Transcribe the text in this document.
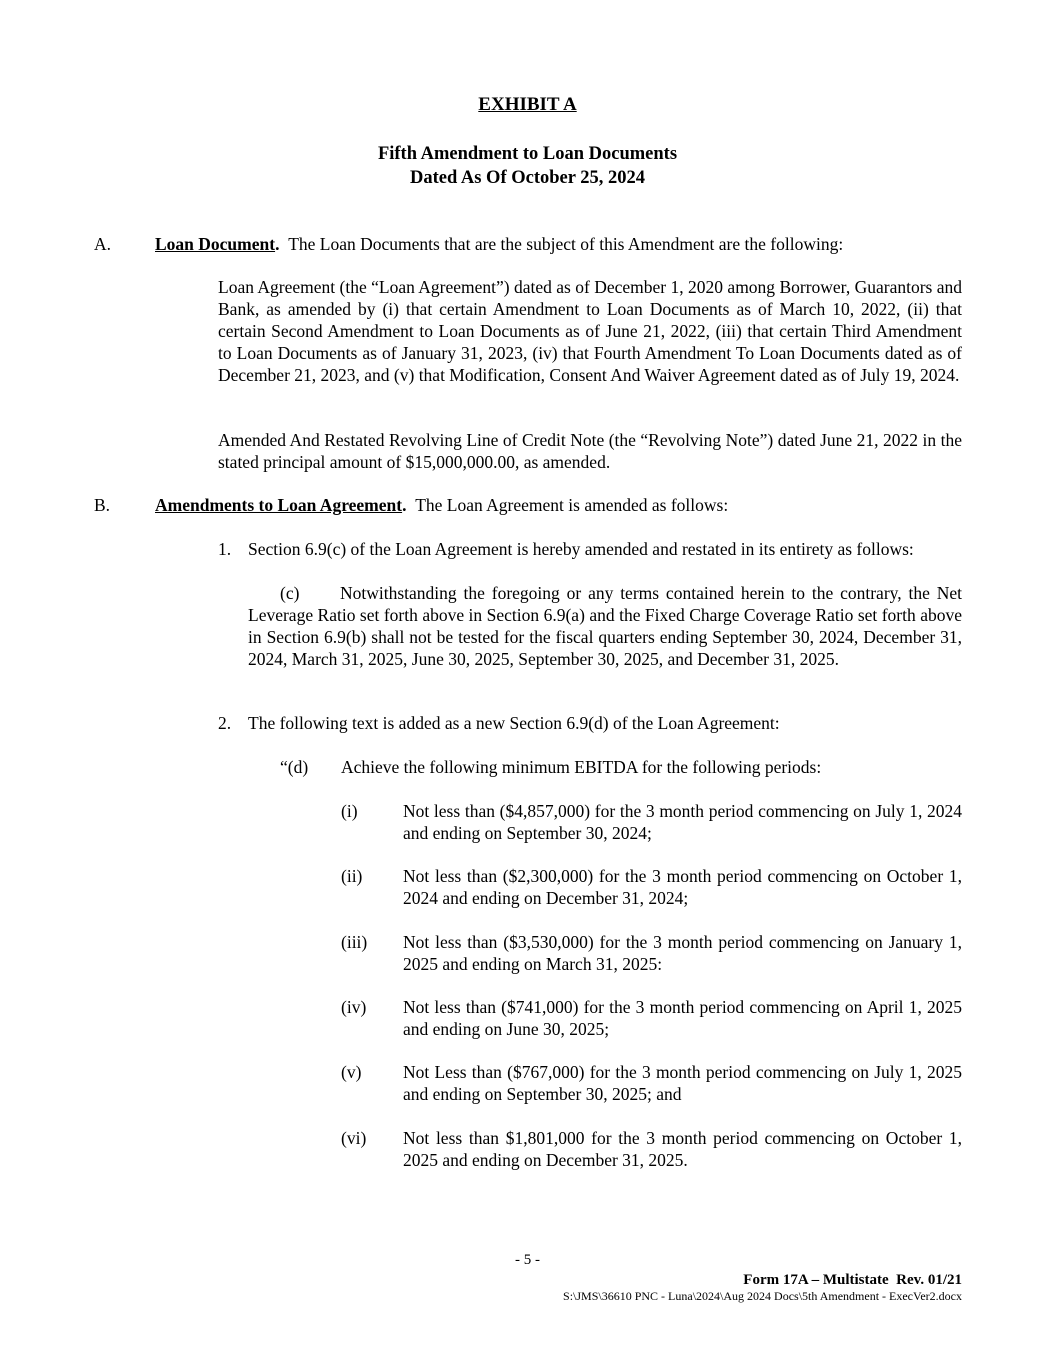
EXHIBIT A
Fifth Amendment to Loan Documents
Dated As Of October 25, 2024
A.	Loan Document. The Loan Documents that are the subject of this Amendment are the following:
Loan Agreement (the “Loan Agreement”) dated as of December 1, 2020 among Borrower, Guarantors and Bank, as amended by (i) that certain Amendment to Loan Documents as of March 10, 2022, (ii) that certain Second Amendment to Loan Documents as of June 21, 2022, (iii) that certain Third Amendment to Loan Documents as of January 31, 2023, (iv) that Fourth Amendment To Loan Documents dated as of December 21, 2023, and (v) that Modification, Consent And Waiver Agreement dated as of July 19, 2024.
Amended And Restated Revolving Line of Credit Note (the “Revolving Note”) dated June 21, 2022 in the stated principal amount of $15,000,000.00, as amended.
B.	Amendments to Loan Agreement. The Loan Agreement is amended as follows:
1. Section 6.9(c) of the Loan Agreement is hereby amended and restated in its entirety as follows:
(c) Notwithstanding the foregoing or any terms contained herein to the contrary, the Net Leverage Ratio set forth above in Section 6.9(a) and the Fixed Charge Coverage Ratio set forth above in Section 6.9(b) shall not be tested for the fiscal quarters ending September 30, 2024, December 31, 2024, March 31, 2025, June 30, 2025, September 30, 2025, and December 31, 2025.
2. The following text is added as a new Section 6.9(d) of the Loan Agreement:
“(d) Achieve the following minimum EBITDA for the following periods:
(i)	Not less than ($4,857,000) for the 3 month period commencing on July 1, 2024 and ending on September 30, 2024;
(ii) Not less than ($2,300,000) for the 3 month period commencing on October 1, 2024 and ending on December 31, 2024;
(iii) Not less than ($3,530,000) for the 3 month period commencing on January 1, 2025 and ending on March 31, 2025:
(iv) Not less than ($741,000) for the 3 month period commencing on April 1, 2025 and ending on June 30, 2025;
(v) Not Less than ($767,000) for the 3 month period commencing on July 1, 2025 and ending on September 30, 2025; and
(vi) Not less than $1,801,000 for the 3 month period commencing on October 1, 2025 and ending on December 31, 2025.
- 5 -
Form 17A – Multistate  Rev. 01/21
S:\JMS\36610 PNC - Luna\2024\Aug 2024 Docs\5th Amendment - ExecVer2.docx
